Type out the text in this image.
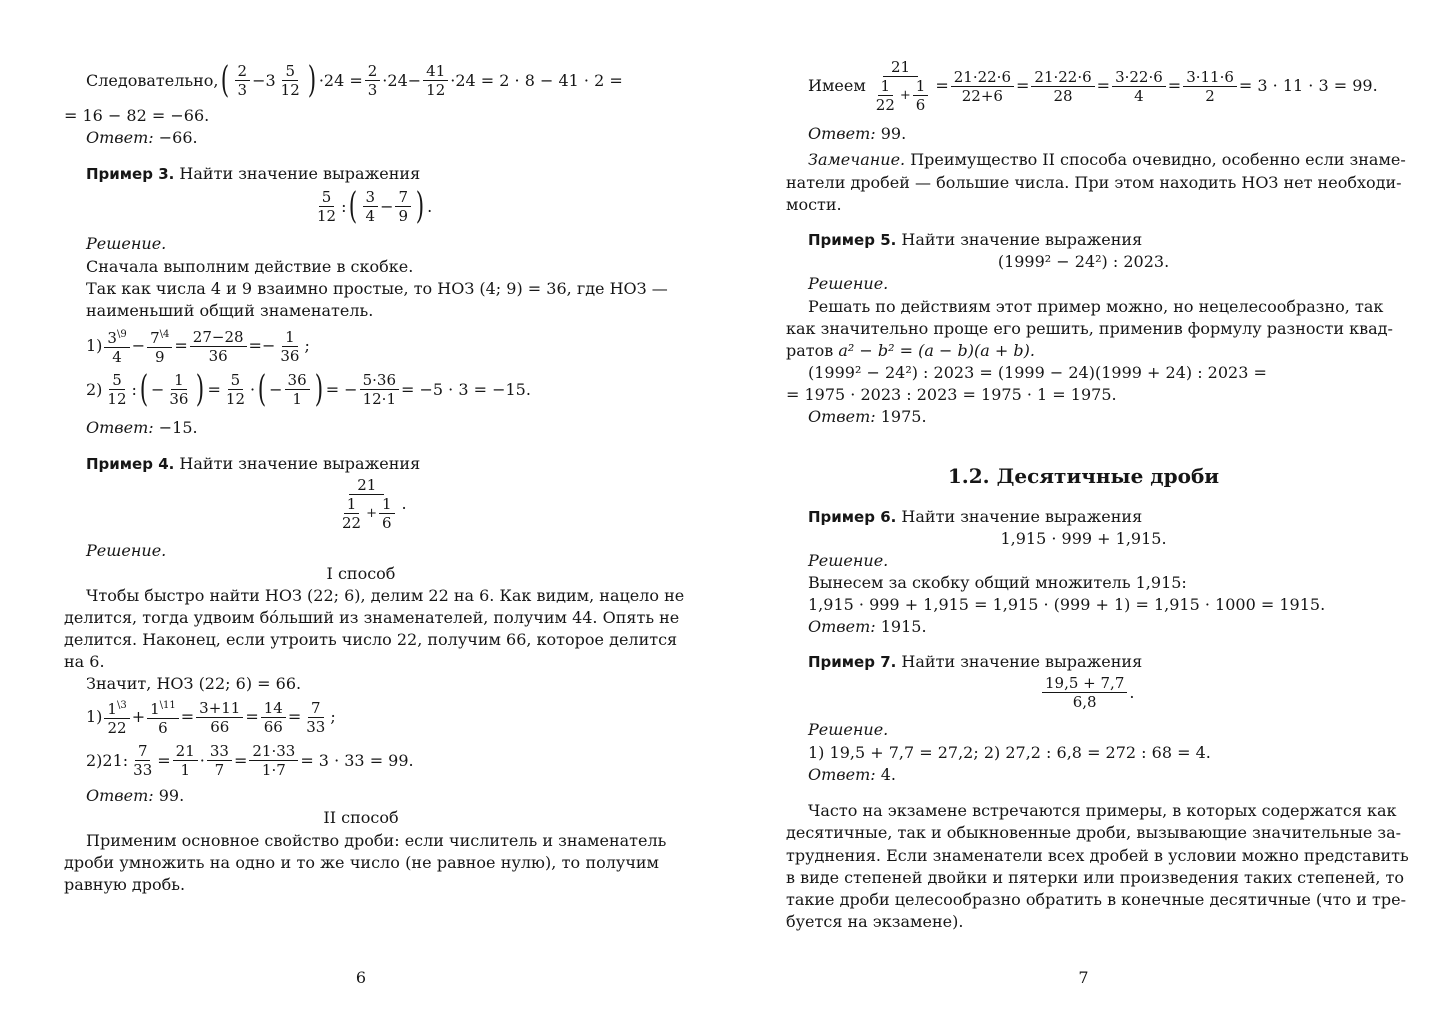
Следовательно, ( $\frac{2}{3} -3 \frac{5}{12}$ ) $\cdot 24 = \frac{2}{3} \cdot 24- \frac{41}{12} \cdot 24 = 2 \cdot 8 - 41 \cdot 2$ =
= 16 − 82 = −66.
Ответ: −66.
Пример 3. Найти значение выражения
$\frac{5}{12}$ : ( $\frac{3}{4} - \frac{7}{9}$ ) .
Решение.
Сначала выполним действие в скобке.
Так как числа 4 и 9 взаимно простые, то НОЗ (4; 9) = 36, где НОЗ —
наименьший общий знаменатель.
$1) \frac{3^{\backslash 9}}{4} - \frac{7^{\backslash 4}}{9} = \frac{27-28}{36} =- \frac{1}{36}$ ;
$2) \frac{5}{12}$ : ( − $\frac{1}{36}$ ) = $\frac{5}{12}$ · ( − $\frac{36}{1}$ ) = − $\frac{5\cdot 36}{12\cdot 1} = -5 \cdot 3 = -15$.
Ответ: −15.
Пример 4. Найти значение выражения
$\frac{21}{\frac{1}{22} + \frac{1}{6}}$ .
Решение.
I способ
Чтобы быстро найти НОЗ (22; 6), делим 22 на 6. Как видим, нацело не
делится, тогда удвоим бо́льший из знаменателей, получим 44. Опять не
делится. Наконец, если утроить число 22, получим 66, которое делится
на 6.
Значит, НОЗ (22; 6) = 66.
$1) \frac{1^{\backslash 3}}{22} + \frac{1^{\backslash 11}}{6} = \frac{3+11}{66} = \frac{14}{66} = \frac{7}{33}$ ;
2) 21: $\frac{7}{33} = \frac{21}{1} \cdot \frac{33}{7} = \frac{21\cdot 33}{1\cdot 7} = 3 \cdot 33 = 99$.
Ответ: 99.
II способ
Применим основное свойство дроби: если числитель и знаменатель
дроби умножить на одно и то же число (не равное нулю), то получим
равную дробь.
6
Имеем $\frac{21}{\frac{1}{22} + \frac{1}{6}} = \frac{21\cdot 22\cdot 6}{22+6} = \frac{21\cdot 22\cdot 6}{28} = \frac{3\cdot 22\cdot 6}{4} = \frac{3\cdot 11\cdot 6}{2} = 3 \cdot 11 \cdot 3 = 99$.
Ответ: 99.
Замечание. Преимущество II способа очевидно, особенно если знаме-
натели дробей — большие числа. При этом находить НОЗ нет необходи-
мости.
Пример 5. Найти значение выражения
(1999² − 24²) : 2023.
Решение.
Решать по действиям этот пример можно, но нецелесообразно, так
как значительно проще его решить, применив формулу разности квад-
ратов a² − b² = (a − b)(a + b).
(1999² − 24²) : 2023 = (1999 − 24)(1999 + 24) : 2023 =
= 1975 · 2023 : 2023 = 1975 · 1 = 1975.
Ответ: 1975.
1.2. Десятичные дроби
Пример 6. Найти значение выражения
1,915 · 999 + 1,915.
Решение.
Вынесем за скобку общий множитель 1,915:
1,915 · 999 + 1,915 = 1,915 · (999 + 1) = 1,915 · 1000 = 1915.
Ответ: 1915.
Пример 7. Найти значение выражения
$\frac{19,5 + 7,7}{6,8}$ .
Решение.
1) 19,5 + 7,7 = 27,2; 2) 27,2 : 6,8 = 272 : 68 = 4.
Ответ: 4.
Часто на экзамене встречаются примеры, в которых содержатся как
десятичные, так и обыкновенные дроби, вызывающие значительные за-
труднения. Если знаменатели всех дробей в условии можно представить
в виде степеней двойки и пятерки или произведения таких степеней, то
такие дроби целесообразно обратить в конечные десятичные (что и тре-
буется на экзамене).
7
